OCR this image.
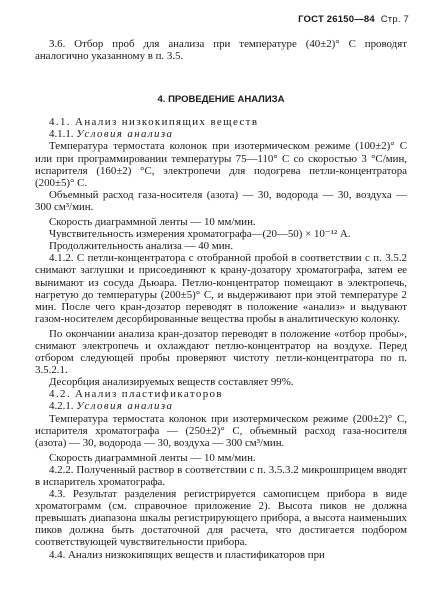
ГОСТ 26150—84 Стр. 7

3.6. Отбор проб для анализа при температуре (40±2)° С проводят аналогично указанному в п. 3.5.

4. ПРОВЕДЕНИЕ АНАЛИЗА

4.1. Анализ низкокипящих веществ

4.1.1. Условия анализа

Температура термостата колонок при изотермическом режиме (100±2)° С или при программировании температуры 75—110° С со скоростью 3 °С/мин, испарителя (160±2) °С, электропечи для подогрева петли-концентратора (200±5)° С.

Объемный расход газа-носителя (азота) — 30, водорода — 30, воздуха — 300 см³/мин.

Скорость диаграммной ленты — 10 мм/мин.

Чувствительность измерения хроматографа—(20—50) × 10⁻¹² А.

Продолжительность анализа — 40 мин.

4.1.2. С петли-концентратора с отобранной пробой в соответствии с п. 3.5.2 снимают заглушки и присоединяют к крану-дозатору хроматографа, затем ее вынимают из сосуда Дьюара. Петлю-концентратор помещают в электропечь, нагретую до температуры (200±5)° С, и выдерживают при этой температуре 2 мин. После чего кран-дозатор переводят в положение «анализ» и выдувают газом-носителем десорбированные вещества пробы в аналитическую колонку.

По окончании анализа кран-дозатор переводят в положение «отбор пробы», снимают электропечь и охлаждают петлю-концентратор на воздухе. Перед отбором следующей пробы проверяют чистоту петли-концентратора по п. 3.5.2.1.

Десорбция анализируемых веществ составляет 99%.

4.2. Анализ пластификаторов

4.2.1. Условия анализа

Температура термостата колонок при изотермическом режиме (200±2)° С, испарителя хроматографа — (250±2)° С, объемный расход газа-носителя (азота) — 30, водорода — 30, воздуха — 300 см³/мин.

Скорость диаграммной ленты — 10 мм/мин.

4.2.2. Полученный раствор в соответствии с п. 3.5.3.2 микрошприцем вводят в испаритель хроматографа.

4.3. Результат разделения регистрируется самописцем прибора в виде хроматограмм (см. справочное приложение 2). Высота пиков не должна превышать диапазона шкалы регистрирующего прибора, а высота наименьших пиков должна быть достаточной для расчета, что достигается подбором соответствующей чувствительности прибора.

4.4. Анализ низкокипящих веществ и пластификаторов при
